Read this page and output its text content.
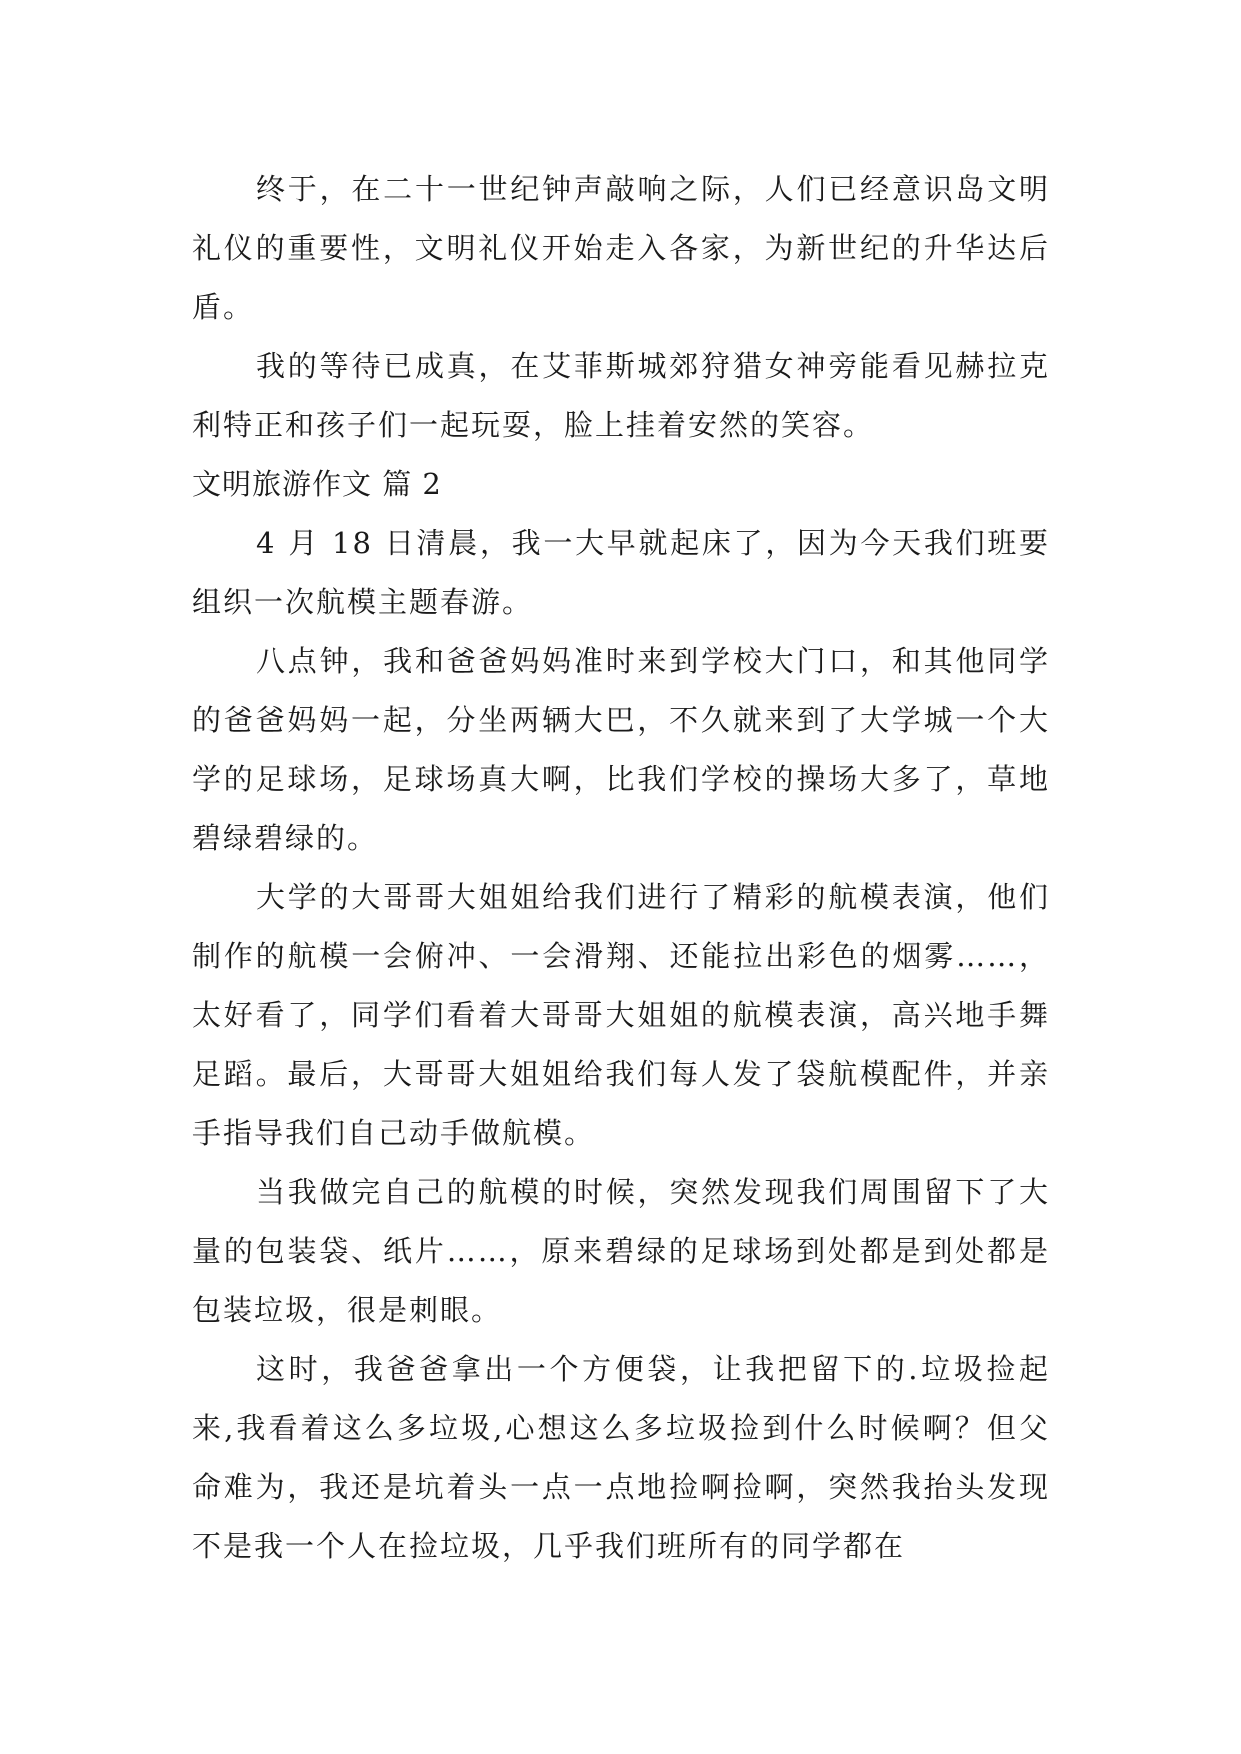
终于，在二十一世纪钟声敲响之际，人们已经意识岛文明礼仪的重要性，文明礼仪开始走入各家，为新世纪的升华达后盾。

我的等待已成真，在艾菲斯城郊狩猎女神旁能看见赫拉克利特正和孩子们一起玩耍，脸上挂着安然的笑容。

文明旅游作文 篇 2

4 月 18 日清晨，我一大早就起床了，因为今天我们班要组织一次航模主题春游。

八点钟，我和爸爸妈妈准时来到学校大门口，和其他同学的爸爸妈妈一起，分坐两辆大巴，不久就来到了大学城一个大学的足球场，足球场真大啊，比我们学校的操场大多了，草地碧绿碧绿的。

大学的大哥哥大姐姐给我们进行了精彩的航模表演，他们制作的航模一会俯冲、一会滑翔、还能拉出彩色的烟雾……，太好看了，同学们看着大哥哥大姐姐的航模表演，高兴地手舞足蹈。最后，大哥哥大姐姐给我们每人发了袋航模配件，并亲手指导我们自己动手做航模。

当我做完自己的航模的时候，突然发现我们周围留下了大量的包装袋、纸片……，原来碧绿的足球场到处都是到处都是包装垃圾，很是刺眼。

这时，我爸爸拿出一个方便袋，让我把留下的.垃圾捡起来,我看着这么多垃圾,心想这么多垃圾捡到什么时候啊？但父命难为，我还是坑着头一点一点地捡啊捡啊，突然我抬头发现不是我一个人在捡垃圾，几乎我们班所有的同学都在
